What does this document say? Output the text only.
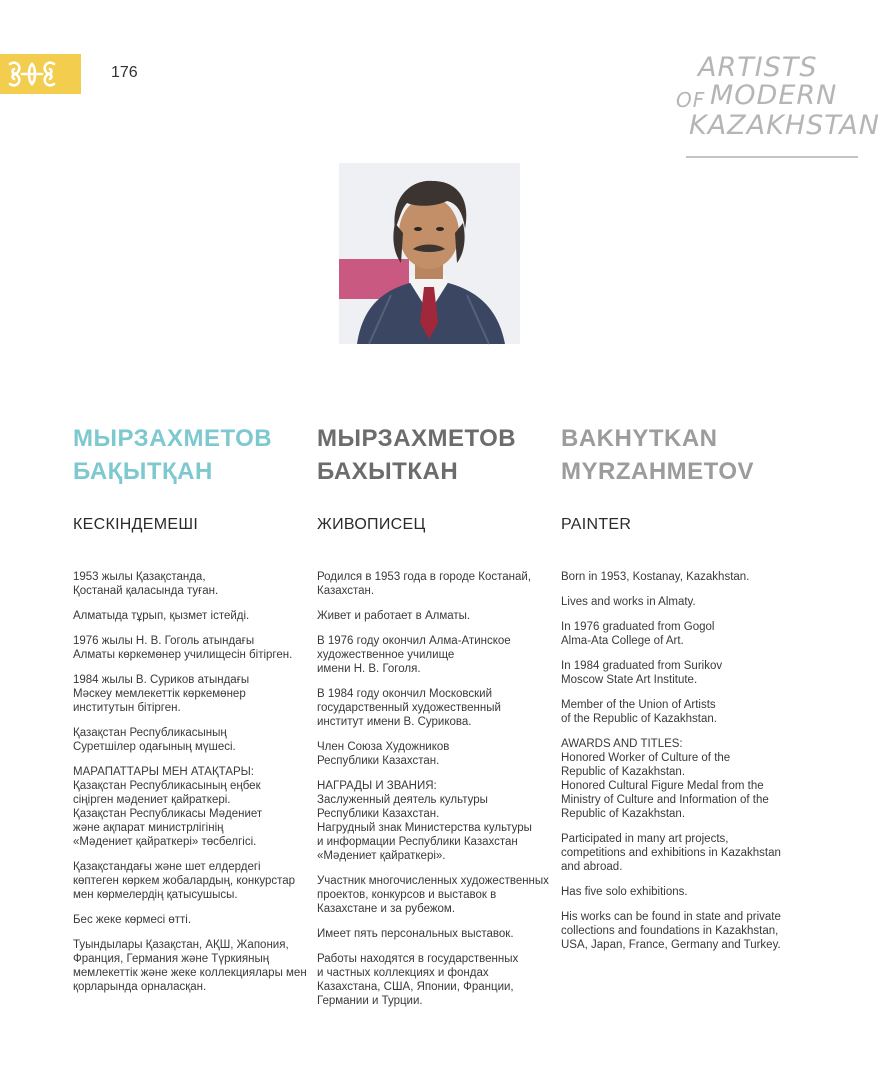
176	ARTISTS
OF MODERN
KAZAKHSTAN
МЫРЗАХМЕТОВ
БАҚЫТҚАН
КЕСКІНДЕМЕШІ

1953 жылы Қазақстанда,
Қостанай қаласында туған.

Алматыда тұрып, қызмет істейді.

1976 жылы Н. В. Гоголь атындағы
Алматы көркемөнер училищесін бітірген.

1984 жылы В. Суриков атындағы
Мәскеу мемлекеттік көркемөнер
институтын бітірген.

Қазақстан Республикасының
Суретшілер одағының мүшесі.

МАРАПАТТАРЫ МЕН АТАҚТАРЫ:
Қазақстан Республикасының еңбек
сіңірген мәдениет қайраткері.
Қазақстан Республикасы Мәдениет
және ақпарат министрлігінің
«Мәдениет қайраткері» төсбелгісі.

Қазақстандағы және шет елдердегі
көптеген көркем жобалардың, конкурстар
мен көрмелердің қатысушысы.

Бес жеке көрмесі өтті.

Туындылары Қазақстан, АҚШ, Жапония,
Франция, Германия және Түркияның
мемлекеттік және жеке коллекциялары мен
қорларында орналасқан.

МЫРЗАХМЕТОВ
БАХЫТКАН
ЖИВОПИСЕЦ

Родился в 1953 года в городе Костанай,
Казахстан.

Живет и работает в Алматы.

В 1976 году окончил Алма-Атинское
художественное училище
имени Н. В. Гоголя.

В 1984 году окончил Московский
государственный художественный
институт имени В. Сурикова.

Член Союза Художников
Республики Казахстан.

НАГРАДЫ И ЗВАНИЯ:
Заслуженный деятель культуры
Республики Казахстан.
Нагрудный знак Министерства культуры
и информации Республики Казахстан
«Мәдениет қайраткері».

Участник многочисленных художественных
проектов, конкурсов и выставок в
Казахстане и за рубежом.

Имеет пять персональных выставок.

Работы находятся в государственных
и частных коллекциях и фондах
Казахстана, США, Японии, Франции,
Германии и Турции.

BAKHYTKAN
MYRZAHMETOV
PAINTER

Born in 1953, Kostanay, Kazakhstan.

Lives and works in Almaty.

In 1976 graduated from Gogol
Alma-Ata College of Art.

In 1984 graduated from Surikov
Moscow State Art Institute.

Member of the Union of Artists
of the Republic of Kazakhstan.

AWARDS AND TITLES:
Honored Worker of Culture of the
Republic of Kazakhstan.
Honored Cultural Figure Medal from the
Ministry of Culture and Information of the
Republic of Kazakhstan.

Participated in many art projects,
competitions and exhibitions in Kazakhstan
and abroad.

Has five solo exhibitions.

His works can be found in state and private
collections and foundations in Kazakhstan,
USA, Japan, France, Germany and Turkey.
